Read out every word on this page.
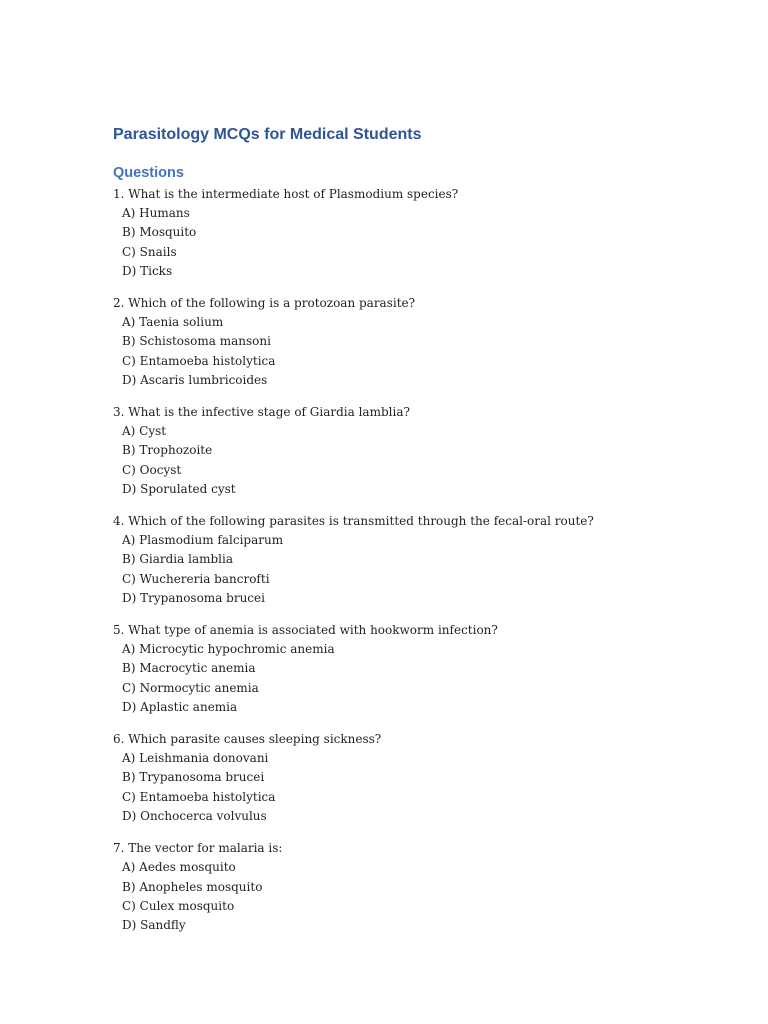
Parasitology MCQs for Medical Students
Questions
1. What is the intermediate host of Plasmodium species?
A) Humans
B) Mosquito
C) Snails
D) Ticks
2. Which of the following is a protozoan parasite?
A) Taenia solium
B) Schistosoma mansoni
C) Entamoeba histolytica
D) Ascaris lumbricoides
3. What is the infective stage of Giardia lamblia?
A) Cyst
B) Trophozoite
C) Oocyst
D) Sporulated cyst
4. Which of the following parasites is transmitted through the fecal-oral route?
A) Plasmodium falciparum
B) Giardia lamblia
C) Wuchereria bancrofti
D) Trypanosoma brucei
5. What type of anemia is associated with hookworm infection?
A) Microcytic hypochromic anemia
B) Macrocytic anemia
C) Normocytic anemia
D) Aplastic anemia
6. Which parasite causes sleeping sickness?
A) Leishmania donovani
B) Trypanosoma brucei
C) Entamoeba histolytica
D) Onchocerca volvulus
7. The vector for malaria is:
A) Aedes mosquito
B) Anopheles mosquito
C) Culex mosquito
D) Sandfly
